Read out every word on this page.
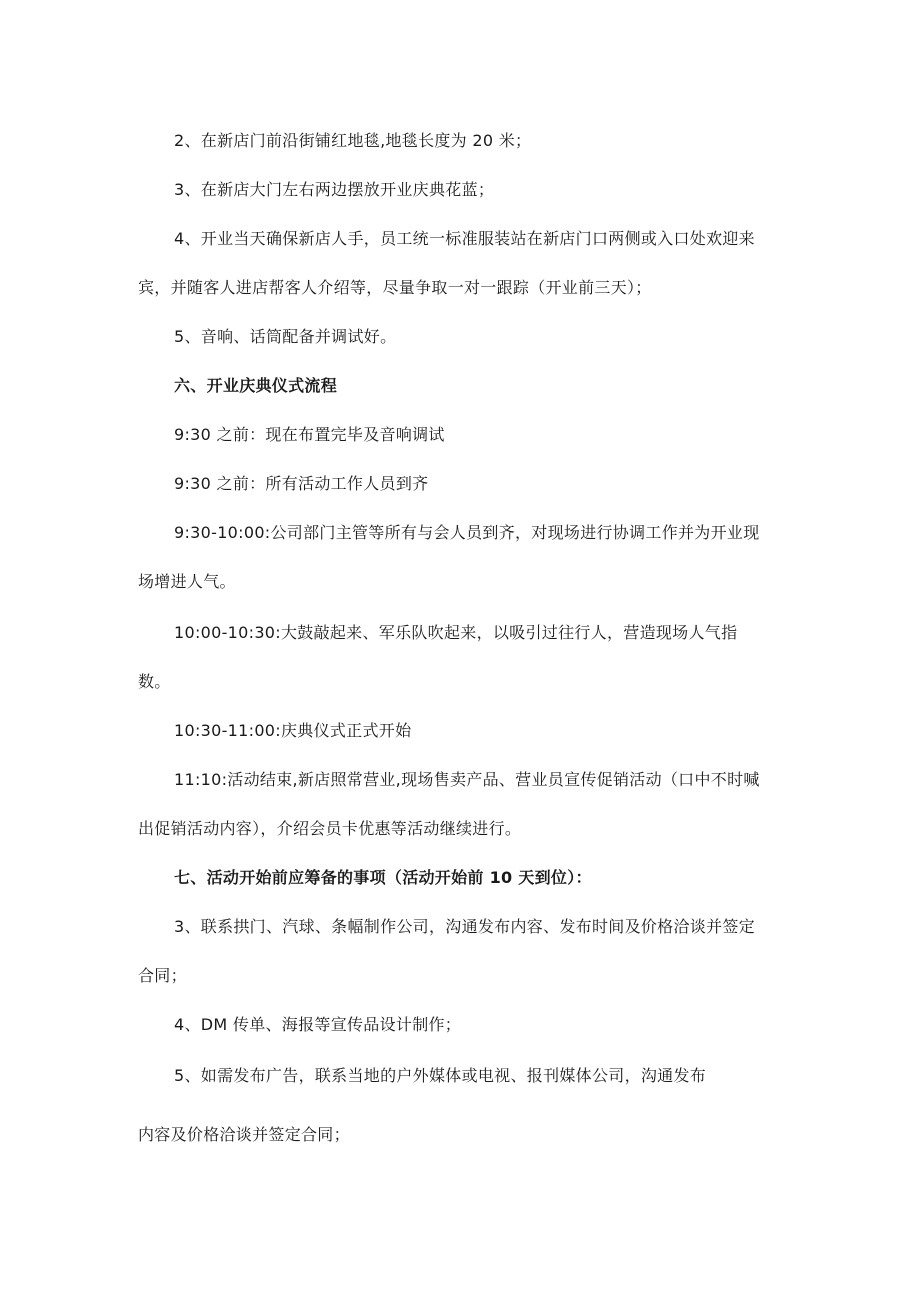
2、在新店门前沿街铺红地毯,地毯长度为 20 米；
3、在新店大门左右两边摆放开业庆典花蓝；
4、开业当天确保新店人手，员工统一标准服装站在新店门口两侧或入口处欢迎来
宾，并随客人进店帮客人介绍等，尽量争取一对一跟踪（开业前三天）；
5、音响、话筒配备并调试好。
六、开业庆典仪式流程
9:30 之前：现在布置完毕及音响调试
9:30 之前：所有活动工作人员到齐
9:30-10:00:公司部门主管等所有与会人员到齐，对现场进行协调工作并为开业现
场增进人气。
10:00-10:30:大鼓敲起来、军乐队吹起来，以吸引过往行人，营造现场人气指
数。
10:30-11:00:庆典仪式正式开始
11:10:活动结束,新店照常营业,现场售卖产品、营业员宣传促销活动（口中不时喊
出促销活动内容），介绍会员卡优惠等活动继续进行。
七、活动开始前应筹备的事项（活动开始前 10 天到位）：
3、联系拱门、汽球、条幅制作公司，沟通发布内容、发布时间及价格洽谈并签定
合同；
4、DM 传单、海报等宣传品设计制作；
5、如需发布广告，联系当地的户外媒体或电视、报刊媒体公司，沟通发布
内容及价格洽谈并签定合同；
